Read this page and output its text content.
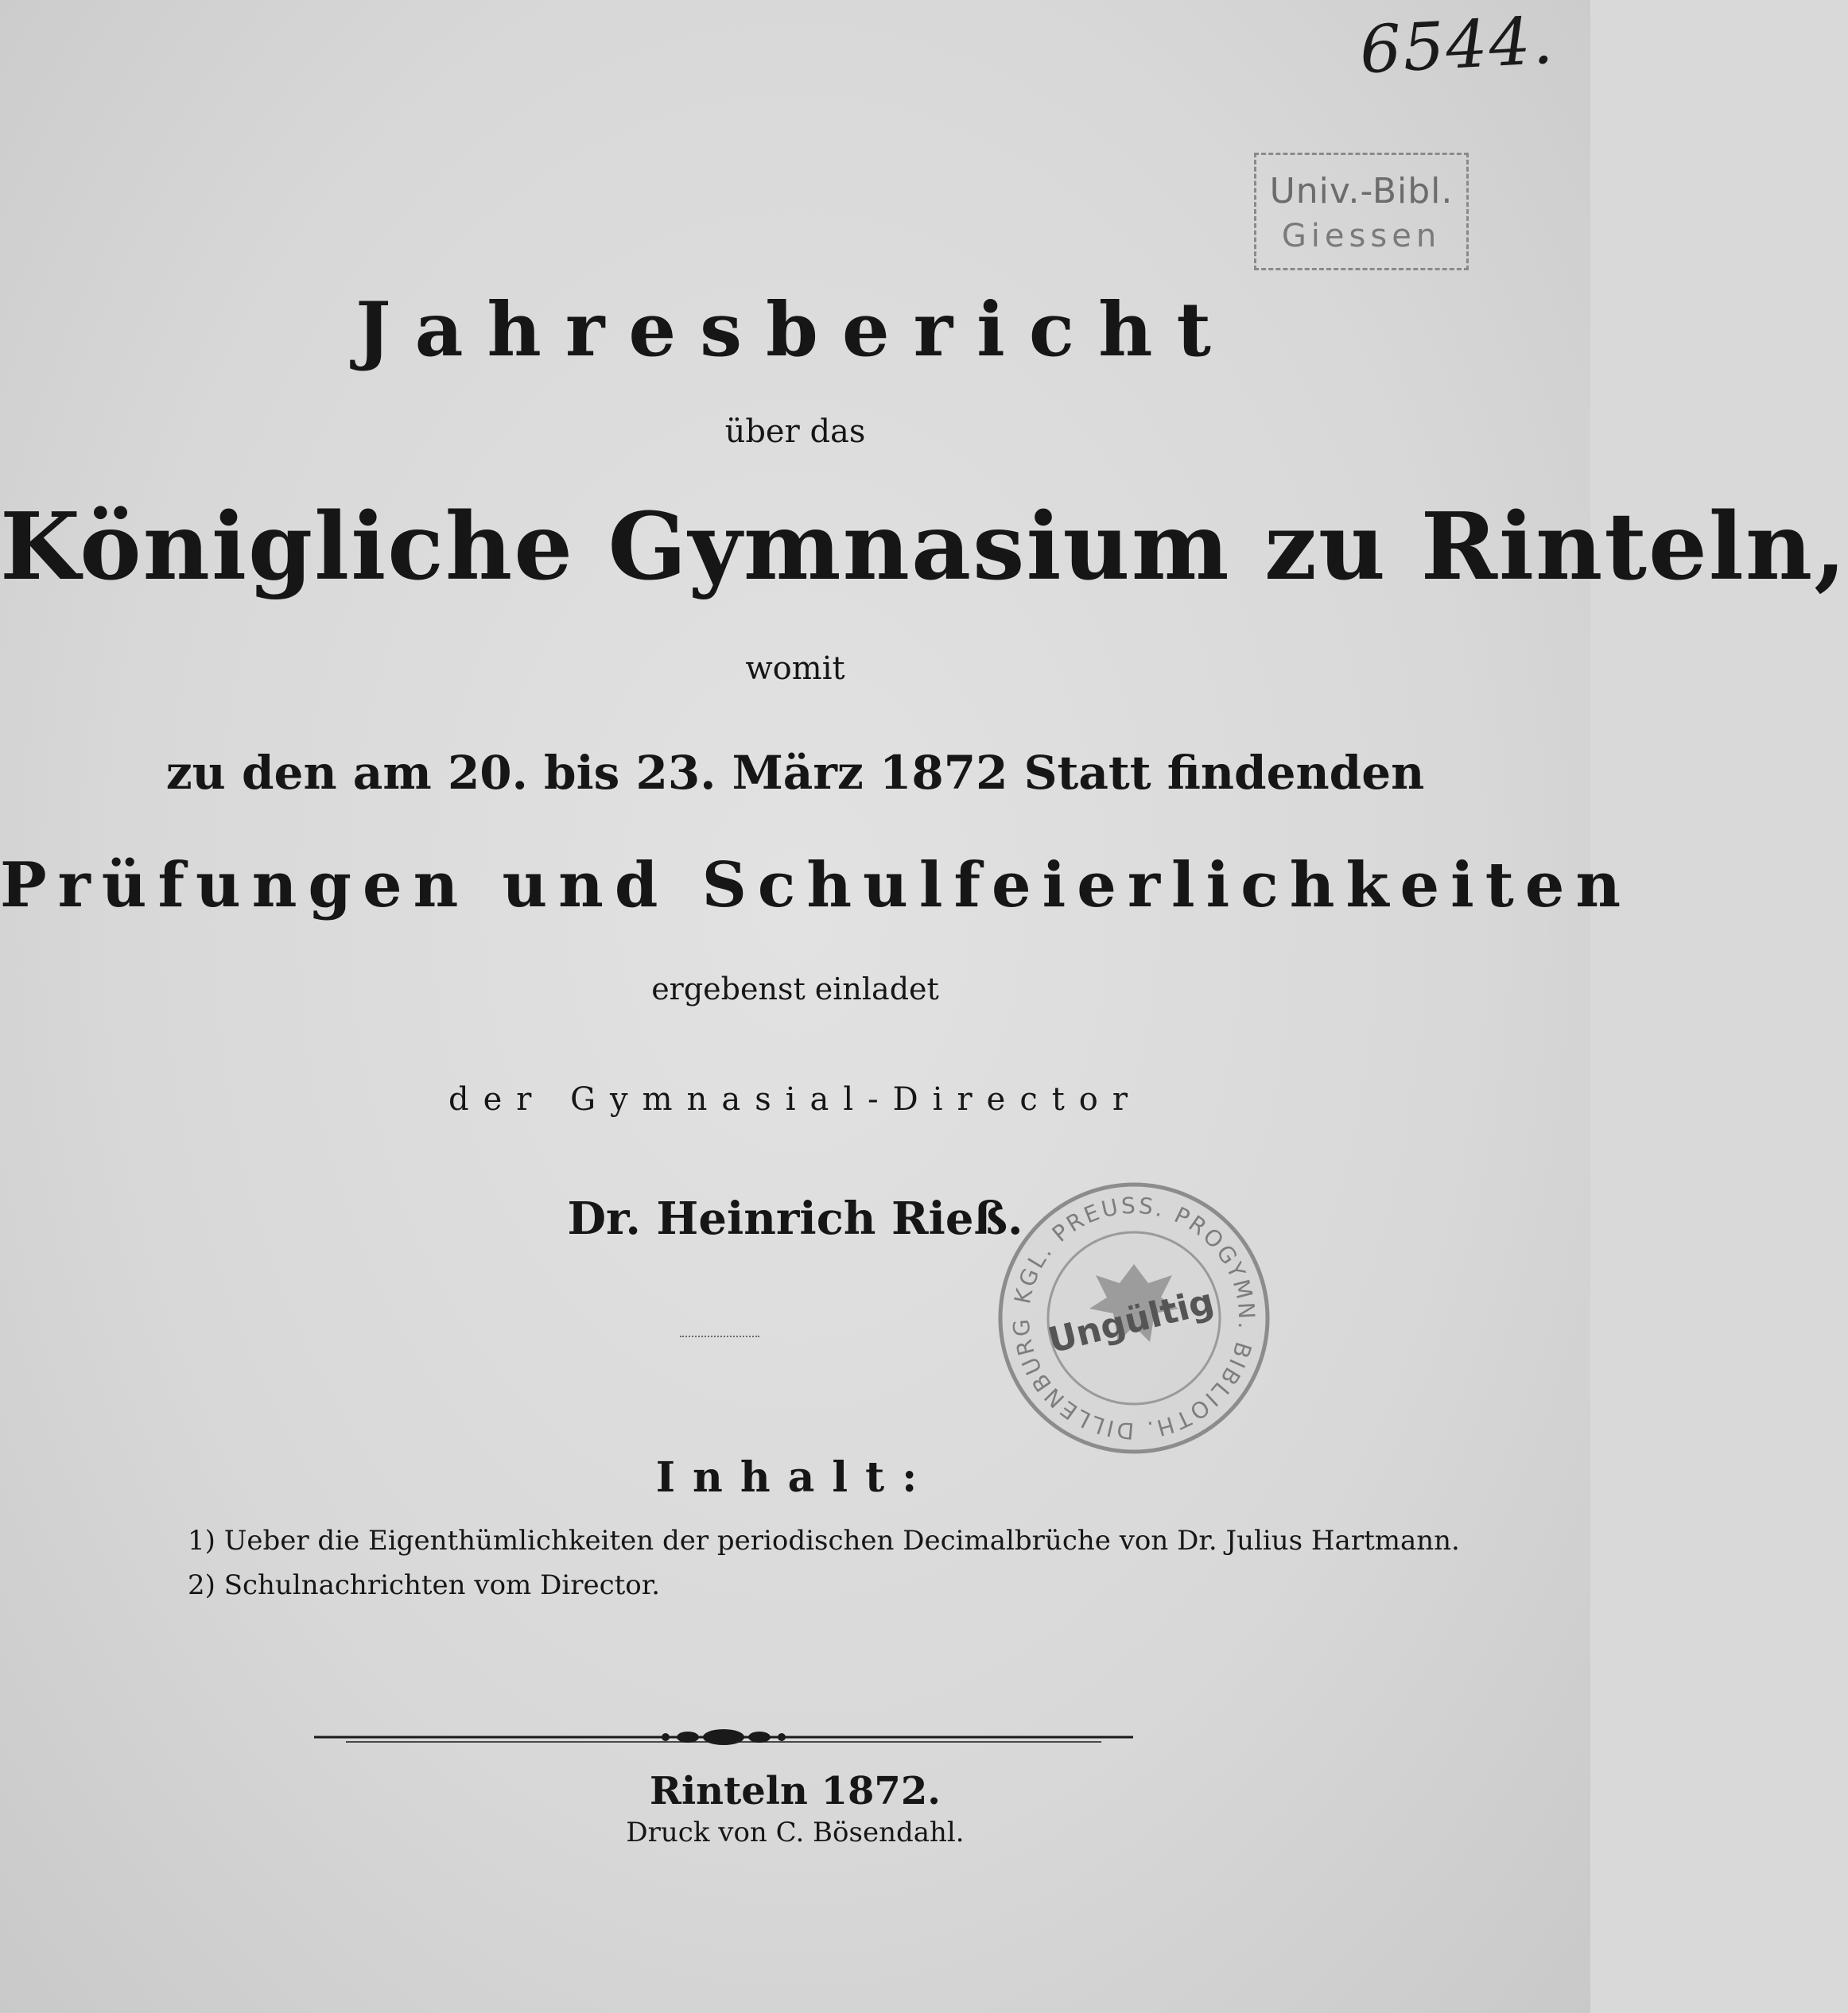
6544.
Univ.-Bibl.
Giessen
Jahresbericht
über das
Königliche Gymnasium zu Rinteln,
womit
zu den am 20. bis 23. März 1872 Statt findenden
Prüfungen und Schulfeierlichkeiten
ergebenst einladet
der Gymnasial-Director
Dr. Heinrich Rieß.
KGL. PREUSS. PROGYMN. BIBLIOTH. DILLENBURG Ungültig
Inhalt:
1) Ueber die Eigenthümlichkeiten der periodischen Decimalbrüche von Dr. Julius Hartmann.
2) Schulnachrichten vom Director.
Rinteln 1872.
Druck von C. Bösendahl.
